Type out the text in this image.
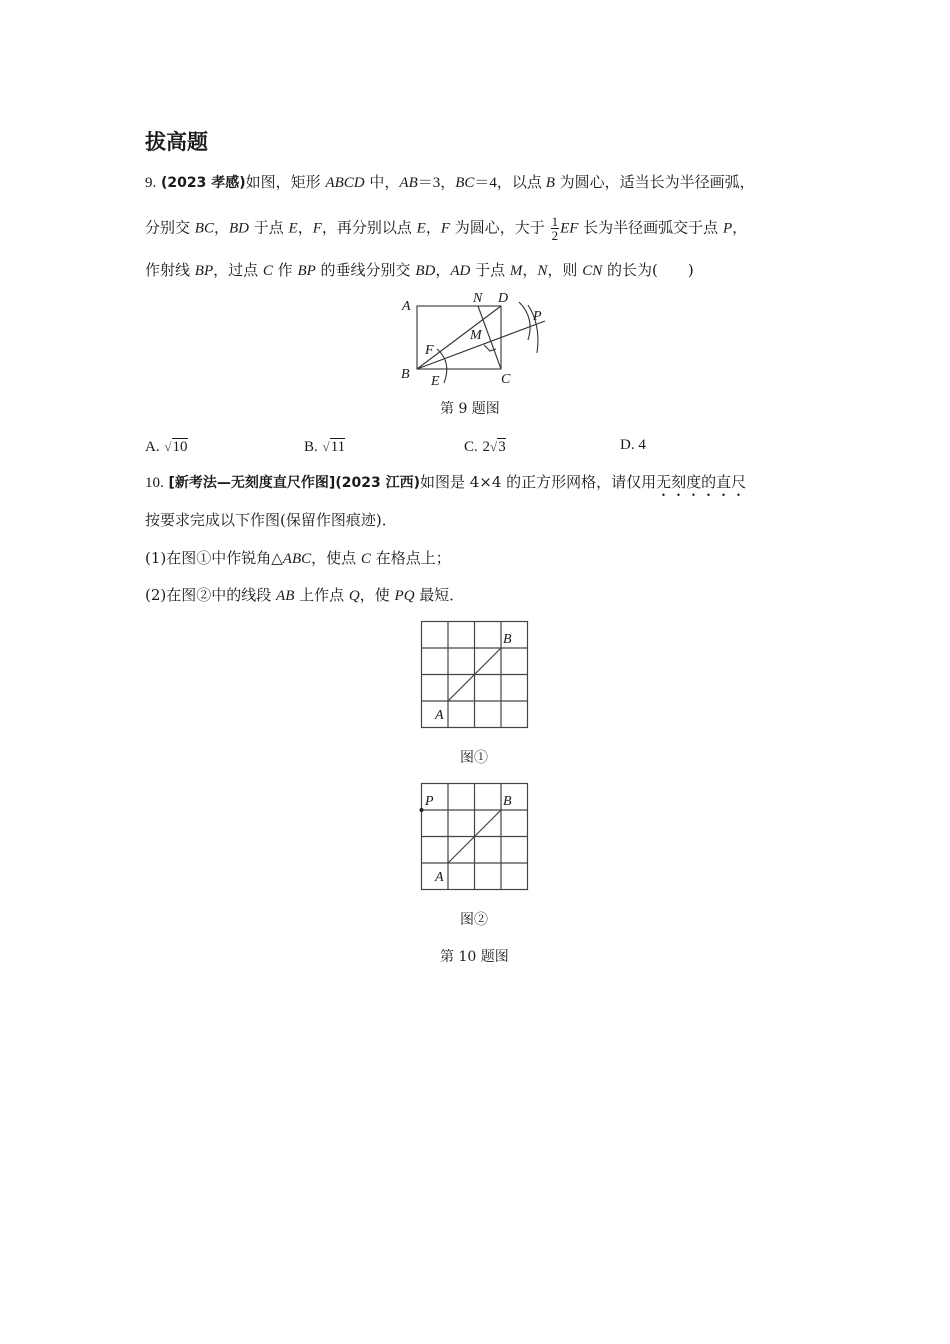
拔高题
9. (2023 孝感)如图，矩形 ABCD 中，AB＝3，BC＝4，以点 B 为圆心，适当长为半径画弧，
分别交 BC，BD 于点 E，F，再分别以点 E，F 为圆心，大于 $\frac{1}{2}$ EF 长为半径画弧交于点 P，
作射线 BP，过点 C 作 BP 的垂线分别交 BD，AD 于点 M，N，则 CN 的长为(　　)
A
B	C
D
E
F
M
N
P
第 9 题图
A. √10	B. √11	C. 2√3	D. 4
10. [新考法—无刻度直尺作图](2023 江西)如图是 4×4 的正方形网格，请仅用无刻度的直尺
按要求完成以下作图(保留作图痕迹)．
(1)在图①中作锐角△ABC，使点 C 在格点上；
(2)在图②中的线段 AB 上作点 Q，使 PQ 最短．
A
B
图①
P
A
B
图②
第 10 题图
